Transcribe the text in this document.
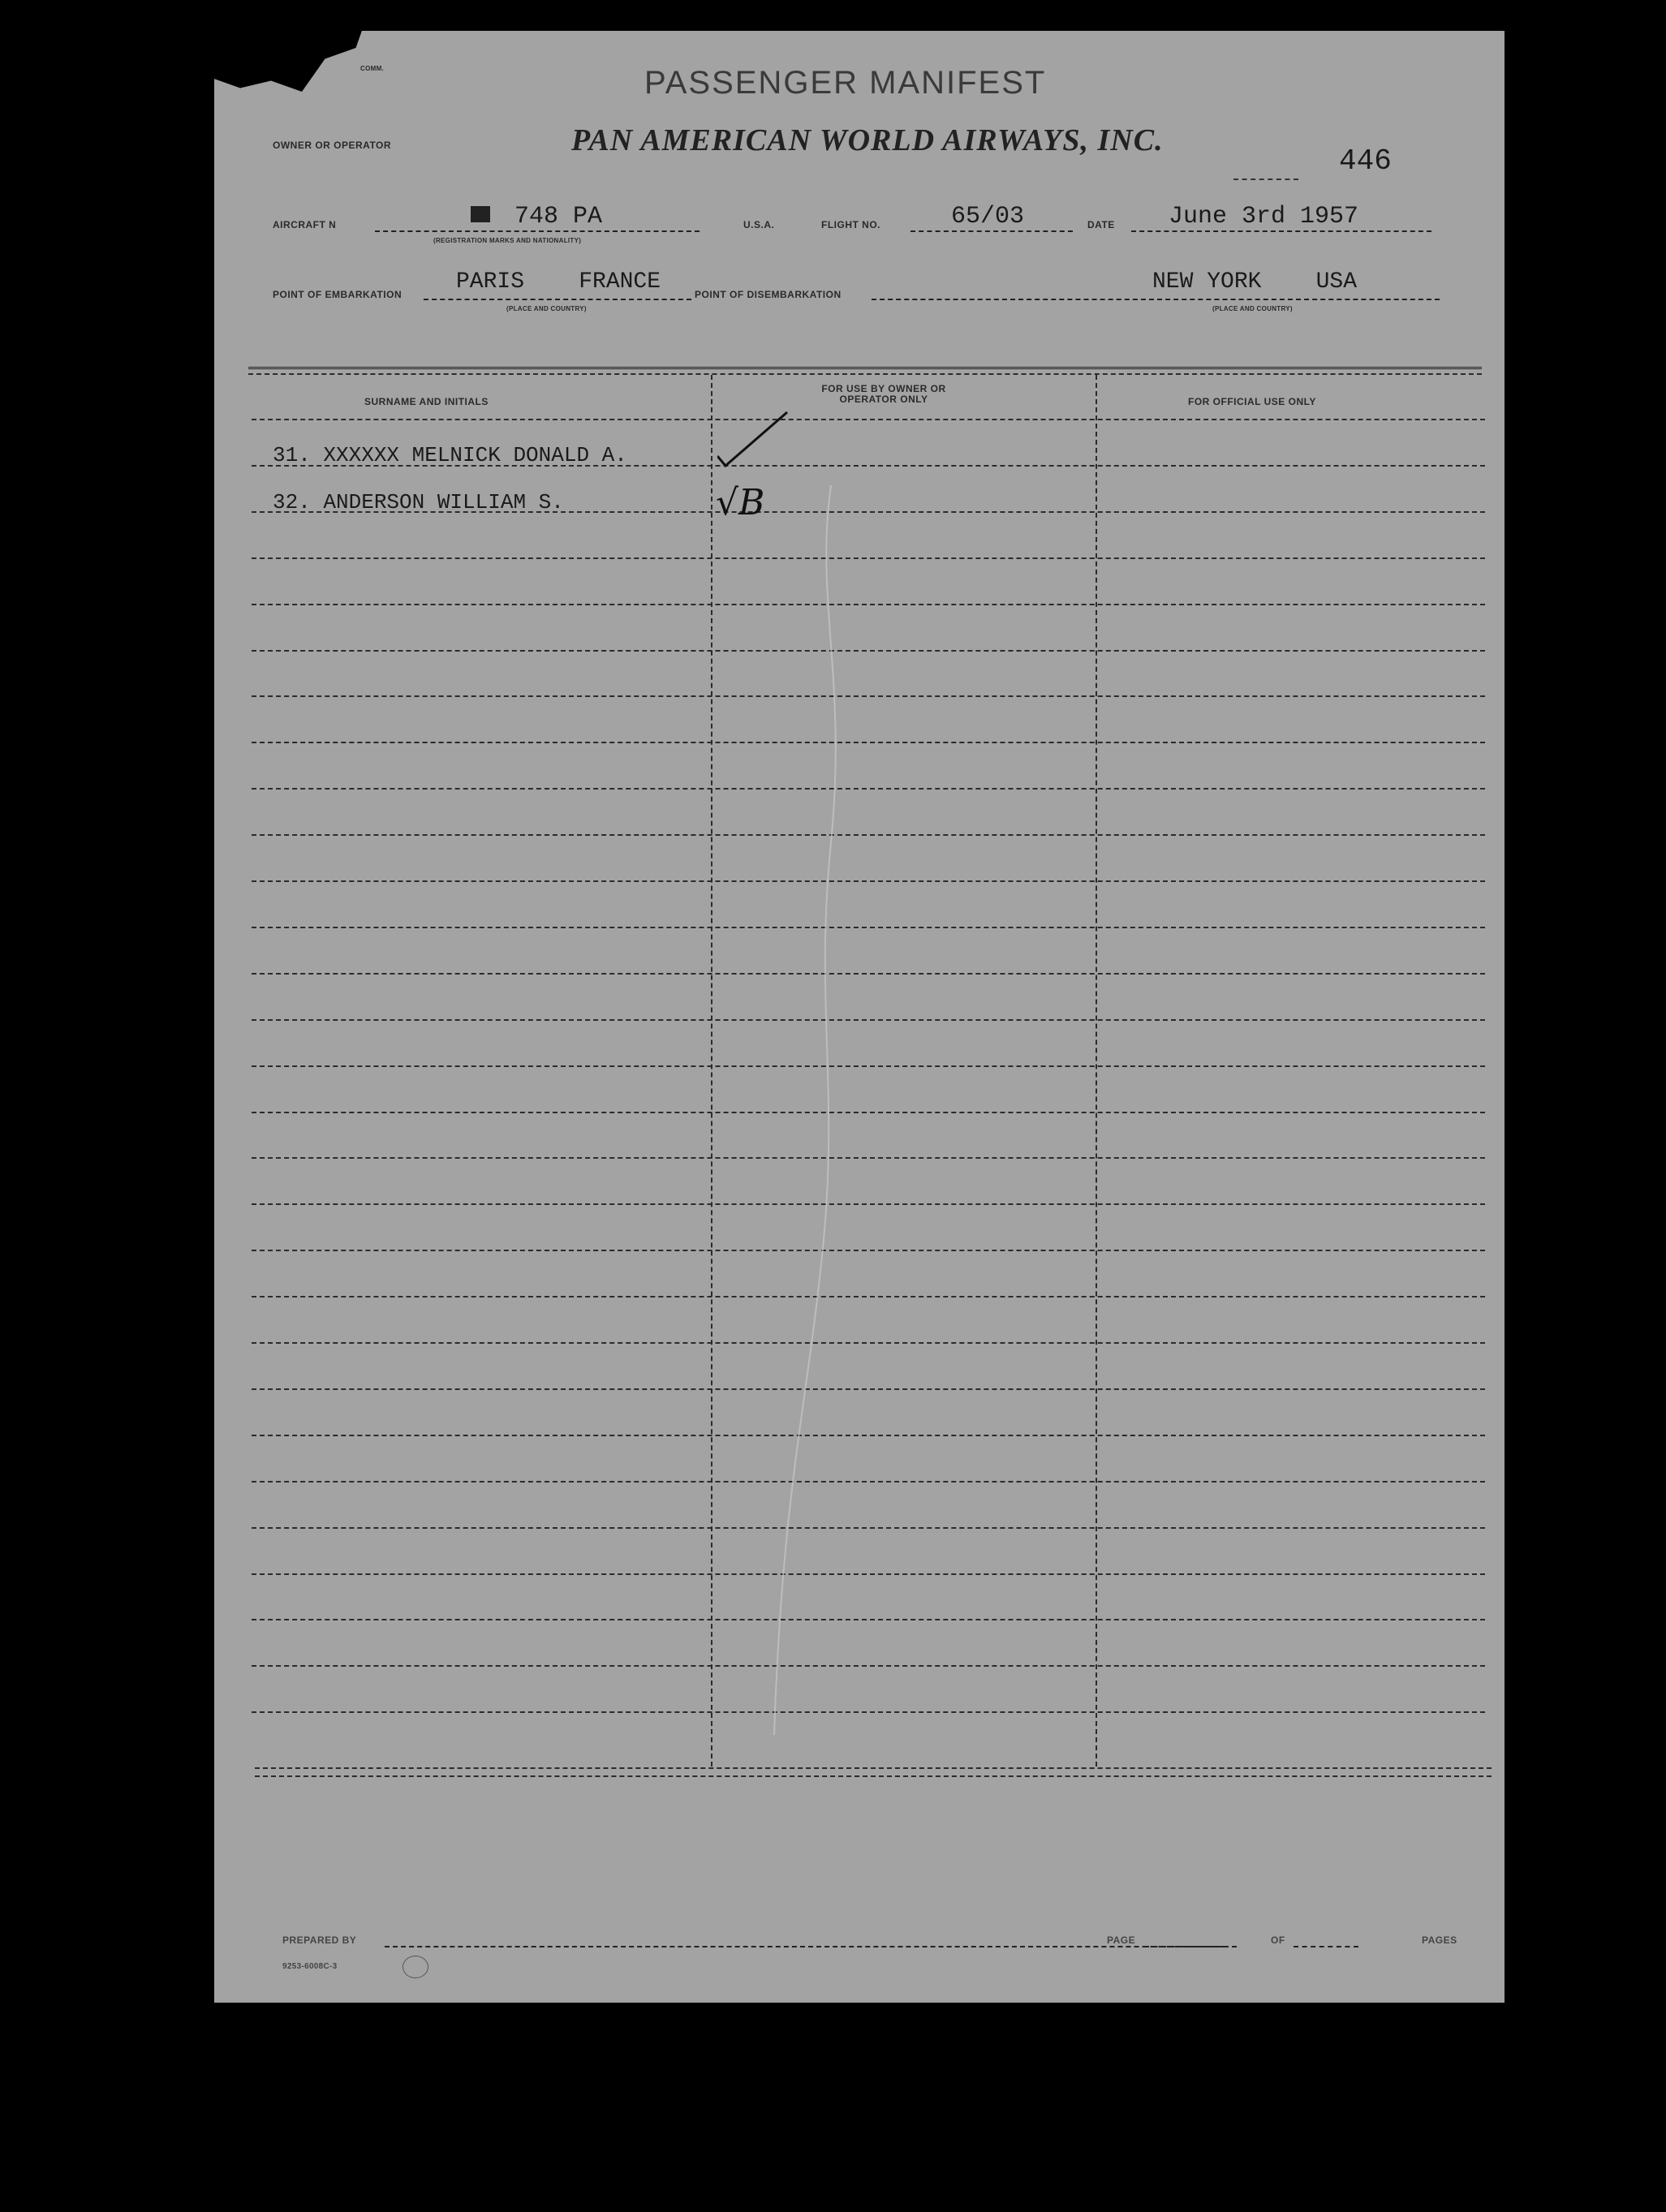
COMM.	PASSENGER MANIFEST
OWNER OR OPERATOR	PAN AMERICAN WORLD AIRWAYS, INC.
446
AIRCRAFT N	748 PA
(REGISTRATION MARKS AND NATIONALITY)
U.S.A.	FLIGHT NO.	65/03	DATE June 3rd 1957
POINT OF EMBARKATION PARIS    FRANCE
(PLACE AND COUNTRY)
POINT OF DISEMBARKATION	NEW YORK    USA
(PLACE AND COUNTRY)
SURNAME AND INITIALS
FOR USE BY OWNER OR OPERATOR ONLY	FOR OFFICIAL USE ONLY
31. XXXXXX MELNICK DONALD A.
32. ANDERSON WILLIAM S.	√B
PREPARED BY
9253-6008C-3
PAGE	OF	PAGES
